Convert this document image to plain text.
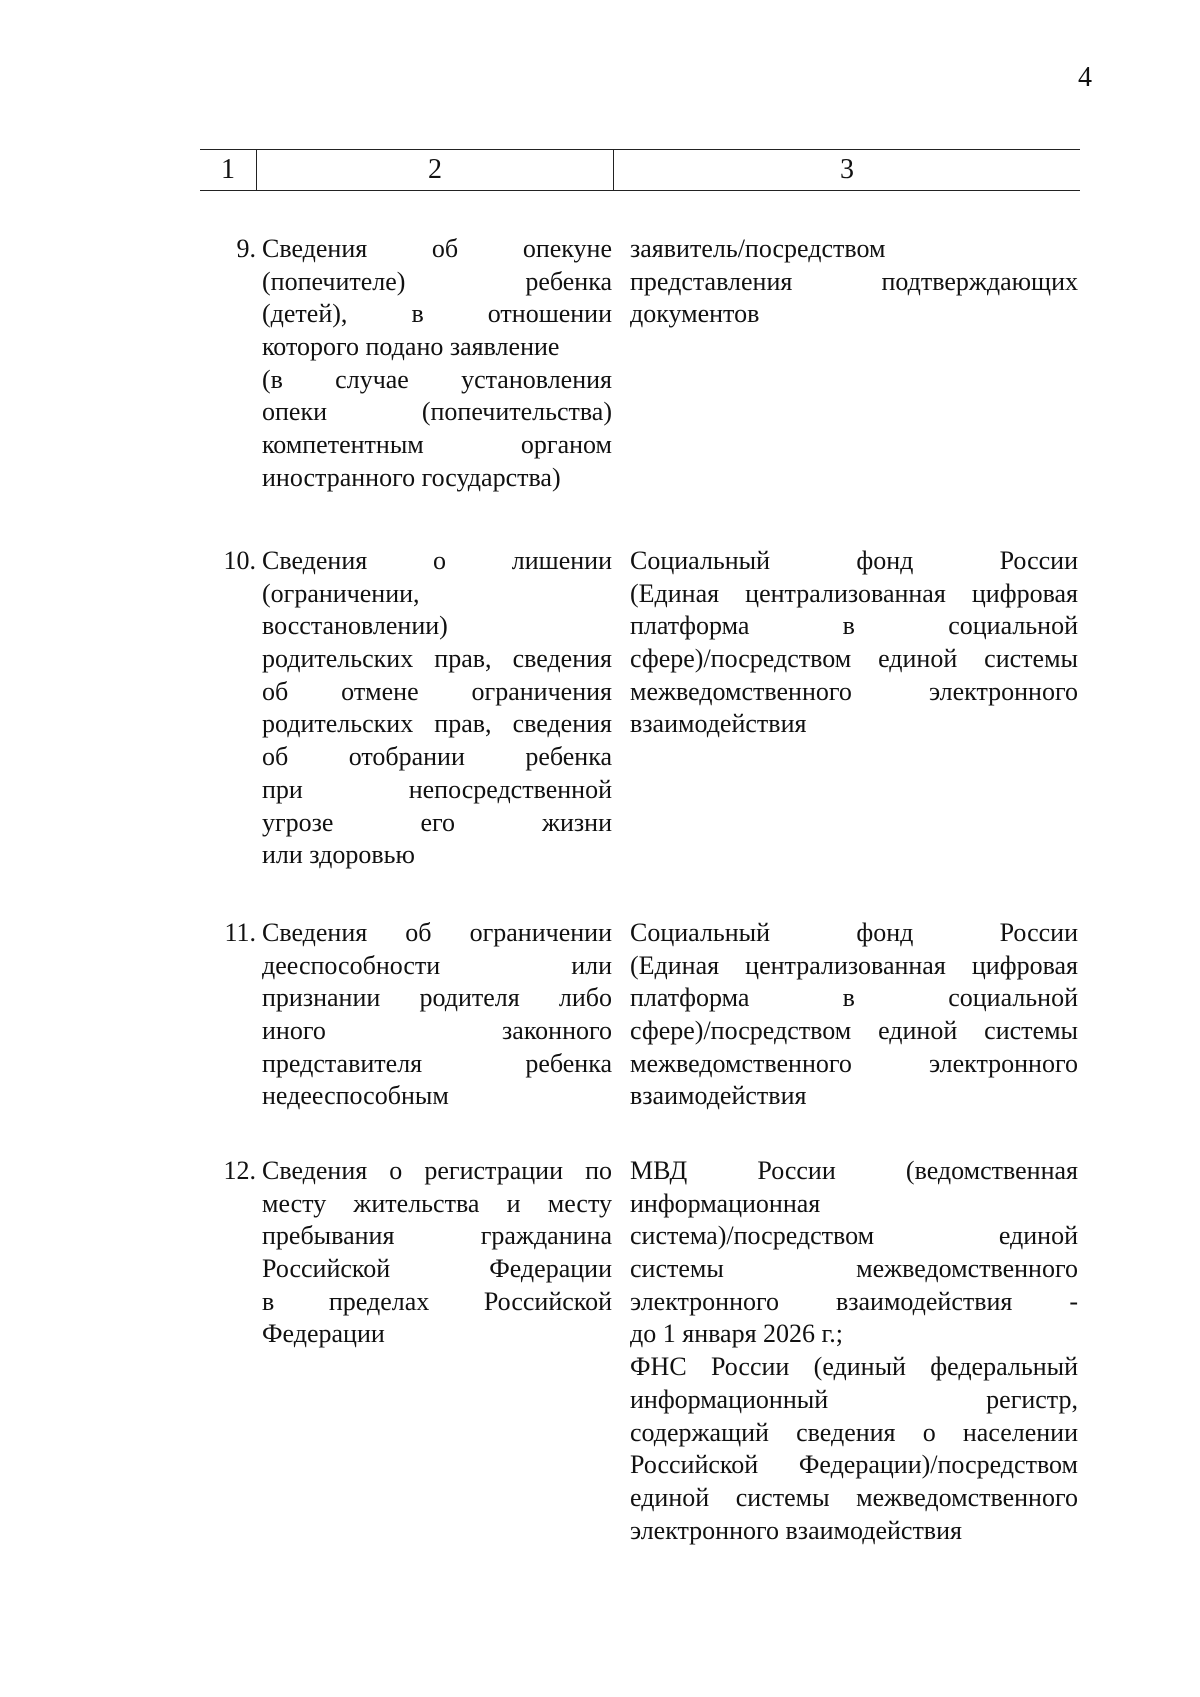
4
1	2	3
9. Сведения об опекуне
(попечителе) ребенка
(детей), в отношении
которого подано заявление
(в случае установления
опеки (попечительства)
компетентным органом
иностранного государства)
заявитель/посредством
представления подтверждающих
документов
10. Сведения о лишении
(ограничении,
восстановлении)
родительских прав, сведения
об отмене ограничения
родительских прав, сведения
об отобрании ребенка
при непосредственной
угрозе его жизни
или здоровью
Социальный фонд России
(Единая централизованная цифровая
платформа в социальной
сфере)/посредством единой системы
межведомственного электронного
взаимодействия
11. Сведения об ограничении
дееспособности или
признании родителя либо
иного законного
представителя ребенка
недееспособным
Социальный фонд России
(Единая централизованная цифровая
платформа в социальной
сфере)/посредством единой системы
межведомственного электронного
взаимодействия
12. Сведения о регистрации по
месту жительства и месту
пребывания гражданина
Российской Федерации
в пределах Российской
Федерации
МВД России (ведомственная
информационная
система)/посредством единой
системы межведомственного
электронного взаимодействия -
до 1 января 2026 г.;
ФНС России (единый федеральный
информационный регистр,
содержащий сведения о населении
Российской Федерации)/посредством
единой системы межведомственного
электронного взаимодействия
